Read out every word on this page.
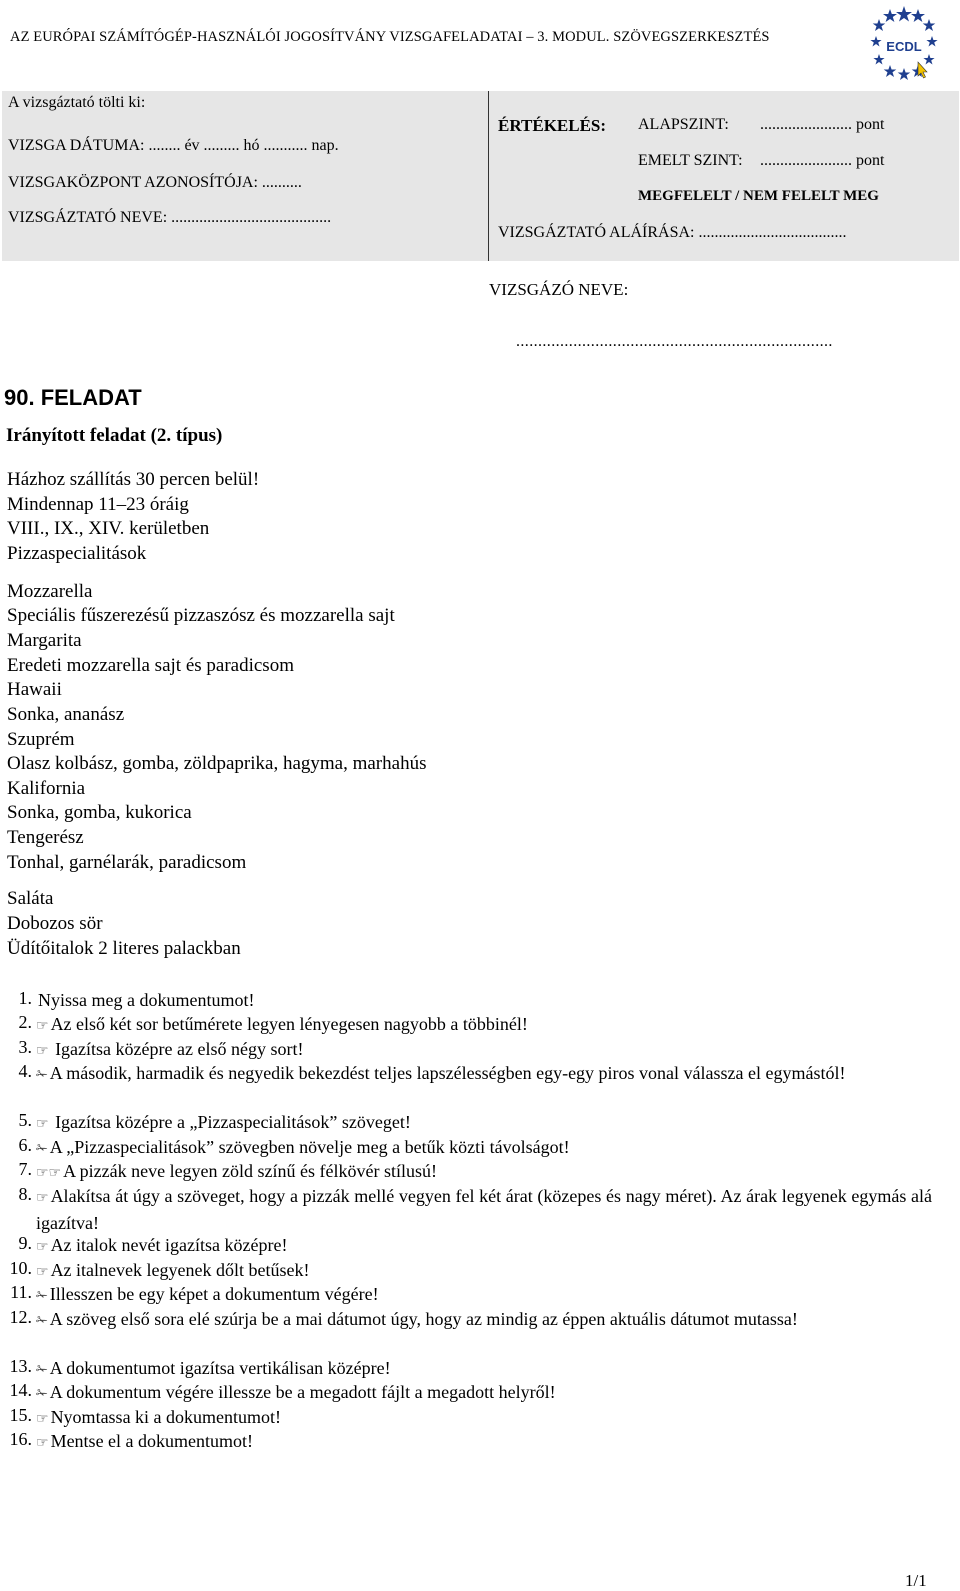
AZ EURÓPAI SZÁMÍTÓGÉP-HASZNÁLÓI JOGOSÍTVÁNY VIZSGAFELADATAI – 3. MODUL. SZÖVEGSZERKESZTÉS
ECDL
A vizsgáztató tölti ki:
VIZSGA DÁTUMA: ........ év ......... hó ........... nap.
VIZSGAKÖZPONT AZONOSÍTÓJA: ..........
VIZSGÁZTATÓ NEVE: ........................................
ÉRTÉKELÉS: ALAPSZINT: ....................... pont
EMELT SZINT: ....................... pont
MEGFELELT / NEM FELELT MEG
VIZSGÁZTATÓ ALÁÍRÁSA: .....................................
VIZSGÁZÓ NEVE:
........................................................................
90. FELADAT
Irányított feladat (2. típus)
Házhoz szállítás 30 percen belül!
Mindennap 11–23 óráig
VIII., IX., XIV. kerületben
Pizzaspecialitások
Mozzarella
Speciális fűszerezésű pizzaszósz és mozzarella sajt
Margarita
Eredeti mozzarella sajt és paradicsom
Hawaii
Sonka, ananász
Szuprém
Olasz kolbász, gomba, zöldpaprika, hagyma, marhahús
Kalifornia
Sonka, gomba, kukorica
Tengerész
Tonhal, garnélarák, paradicsom
Saláta
Dobozos sör
Üdítőitalok 2 literes palackban
1. Nyissa meg a dokumentumot!
2. ☞ Az első két sor betűmérete legyen lényegesen nagyobb a többinél!
3. ☞ Igazítsa középre az első négy sort!
4. ✁ A második, harmadik és negyedik bekezdést teljes lapszélességben egy-egy piros vonal válassza el egymástól!
5. ☞ Igazítsa középre a „Pizzaspecialitások” szöveget!
6. ✁ A „Pizzaspecialitások” szövegben növelje meg a betűk közti távolságot!
7. ☞☞ A pizzák neve legyen zöld színű és félkövér stílusú!
8. ☞ Alakítsa át úgy a szöveget, hogy a pizzák mellé vegyen fel két árat (közepes és nagy méret). Az árak legyenek egymás alá igazítva!
9. ☞ Az italok nevét igazítsa középre!
10. ☞ Az italnevek legyenek dőlt betűsek!
11. ✁ Illesszen be egy képet a dokumentum végére!
12. ✁ A szöveg első sora elé szúrja be a mai dátumot úgy, hogy az mindig az éppen aktuális dátumot mutassa!
13. ✁ A dokumentumot igazítsa vertikálisan középre!
14. ✁ A dokumentum végére illessze be a megadott fájlt a megadott helyről!
15. ☞ Nyomtassa ki a dokumentumot!
16. ☞ Mentse el a dokumentumot!
1/1
